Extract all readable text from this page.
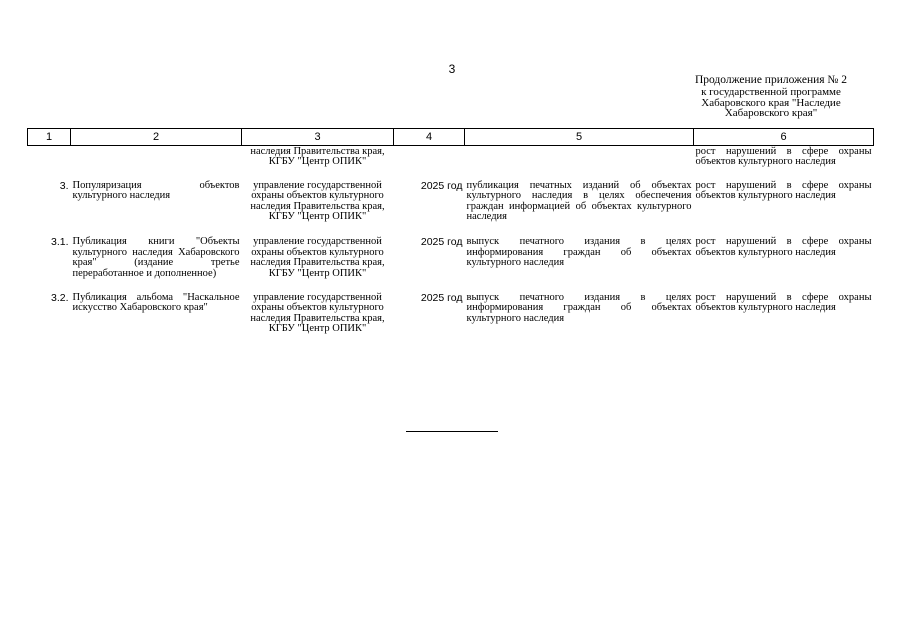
3
Продолжение приложения № 2
к государственной программе
Хабаровского края "Наследие
Хабаровского края"
1	2	3	4	5	6
		наследия Правительства края, КГБУ "Центр ОПИК"			рост нарушений в сфере охраны объектов культурного наследия
3.	Популяризация объектов культурного наследия	управление государственной охраны объектов культурного наследия Правительства края, КГБУ "Центр ОПИК"	2025 год	публикация печатных изданий об объектах культурного наследия в целях обеспечения граждан информацией об объектах культурного наследия	рост нарушений в сфере охраны объектов культурного наследия
3.1.	Публикация книги "Объекты культурного наследия Хабаровского края" (издание третье переработанное и дополненное)	управление государственной охраны объектов культурного наследия Правительства края, КГБУ "Центр ОПИК"	2025 год	выпуск печатного издания в целях информирования граждан об объектах культурного наследия	рост нарушений в сфере охраны объектов культурного наследия
3.2.	Публикация альбома "Наскальное искусство Хабаровского края"	управление государственной охраны объектов культурного наследия Правительства края, КГБУ "Центр ОПИК"	2025 год	выпуск печатного издания в целях информирования граждан об объектах культурного наследия	рост нарушений в сфере охраны объектов культурного наследия
